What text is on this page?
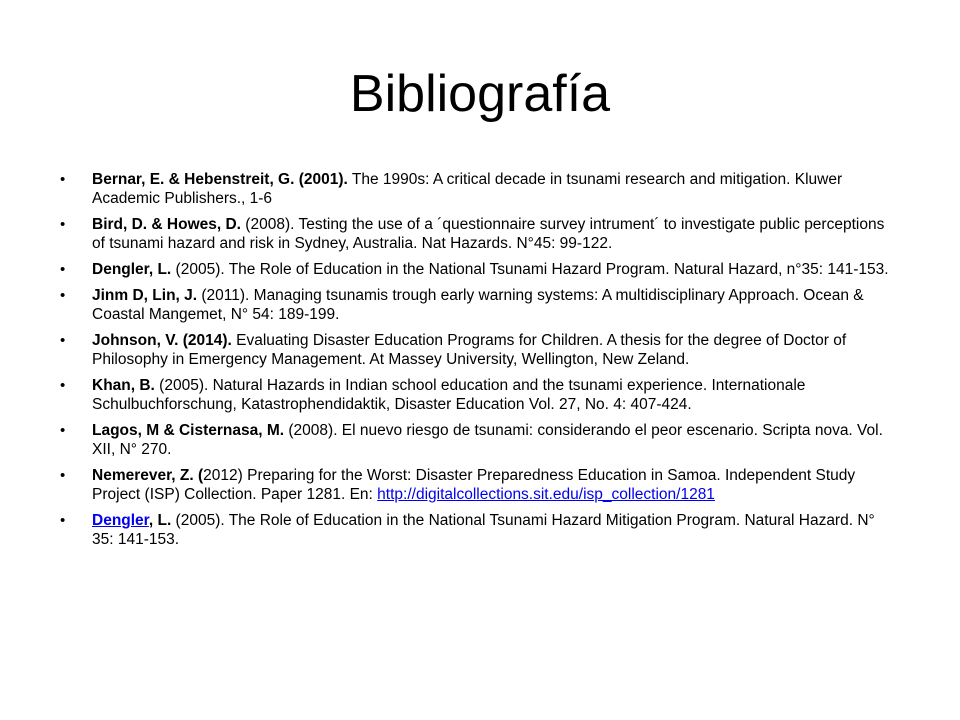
Bibliografía
•	Bernar, E. & Hebenstreit, G. (2001). The 1990s: A critical decade in tsunami research and mitigation. Kluwer Academic Publishers., 1-6
•	Bird, D. & Howes, D. (2008). Testing the use of a ´questionnaire survey intrument´ to investigate public perceptions of tsunami hazard and risk in Sydney, Australia. Nat Hazards. N°45: 99-122.
•	Dengler, L. (2005). The Role of Education in the National Tsunami Hazard Program. Natural Hazard, n°35: 141-153.
•	Jinm D, Lin, J. (2011). Managing tsunamis trough early warning systems: A multidisciplinary Approach. Ocean & Coastal Mangemet, N° 54: 189-199.
•	Johnson, V. (2014). Evaluating Disaster Education Programs for Children. A thesis for the degree of Doctor of Philosophy in Emergency Management. At Massey University, Wellington, New Zeland.
•	Khan, B. (2005). Natural Hazards in Indian school education and the tsunami experience. Internationale Schulbuchforschung, Katastrophendidaktik, Disaster Education Vol. 27, No. 4: 407-424.
•	Lagos, M & Cisternasa, M. (2008). El nuevo riesgo de tsunami: considerando el peor escenario. Scripta nova. Vol. XII, N° 270.
•	Nemerever, Z. (2012) Preparing for the Worst: Disaster Preparedness Education in Samoa. Independent Study Project (ISP) Collection. Paper 1281. En: http://digitalcollections.sit.edu/isp_collection/1281
•	Dengler, L. (2005). The Role of Education in the National Tsunami Hazard Mitigation Program. Natural Hazard. N° 35: 141-153.
